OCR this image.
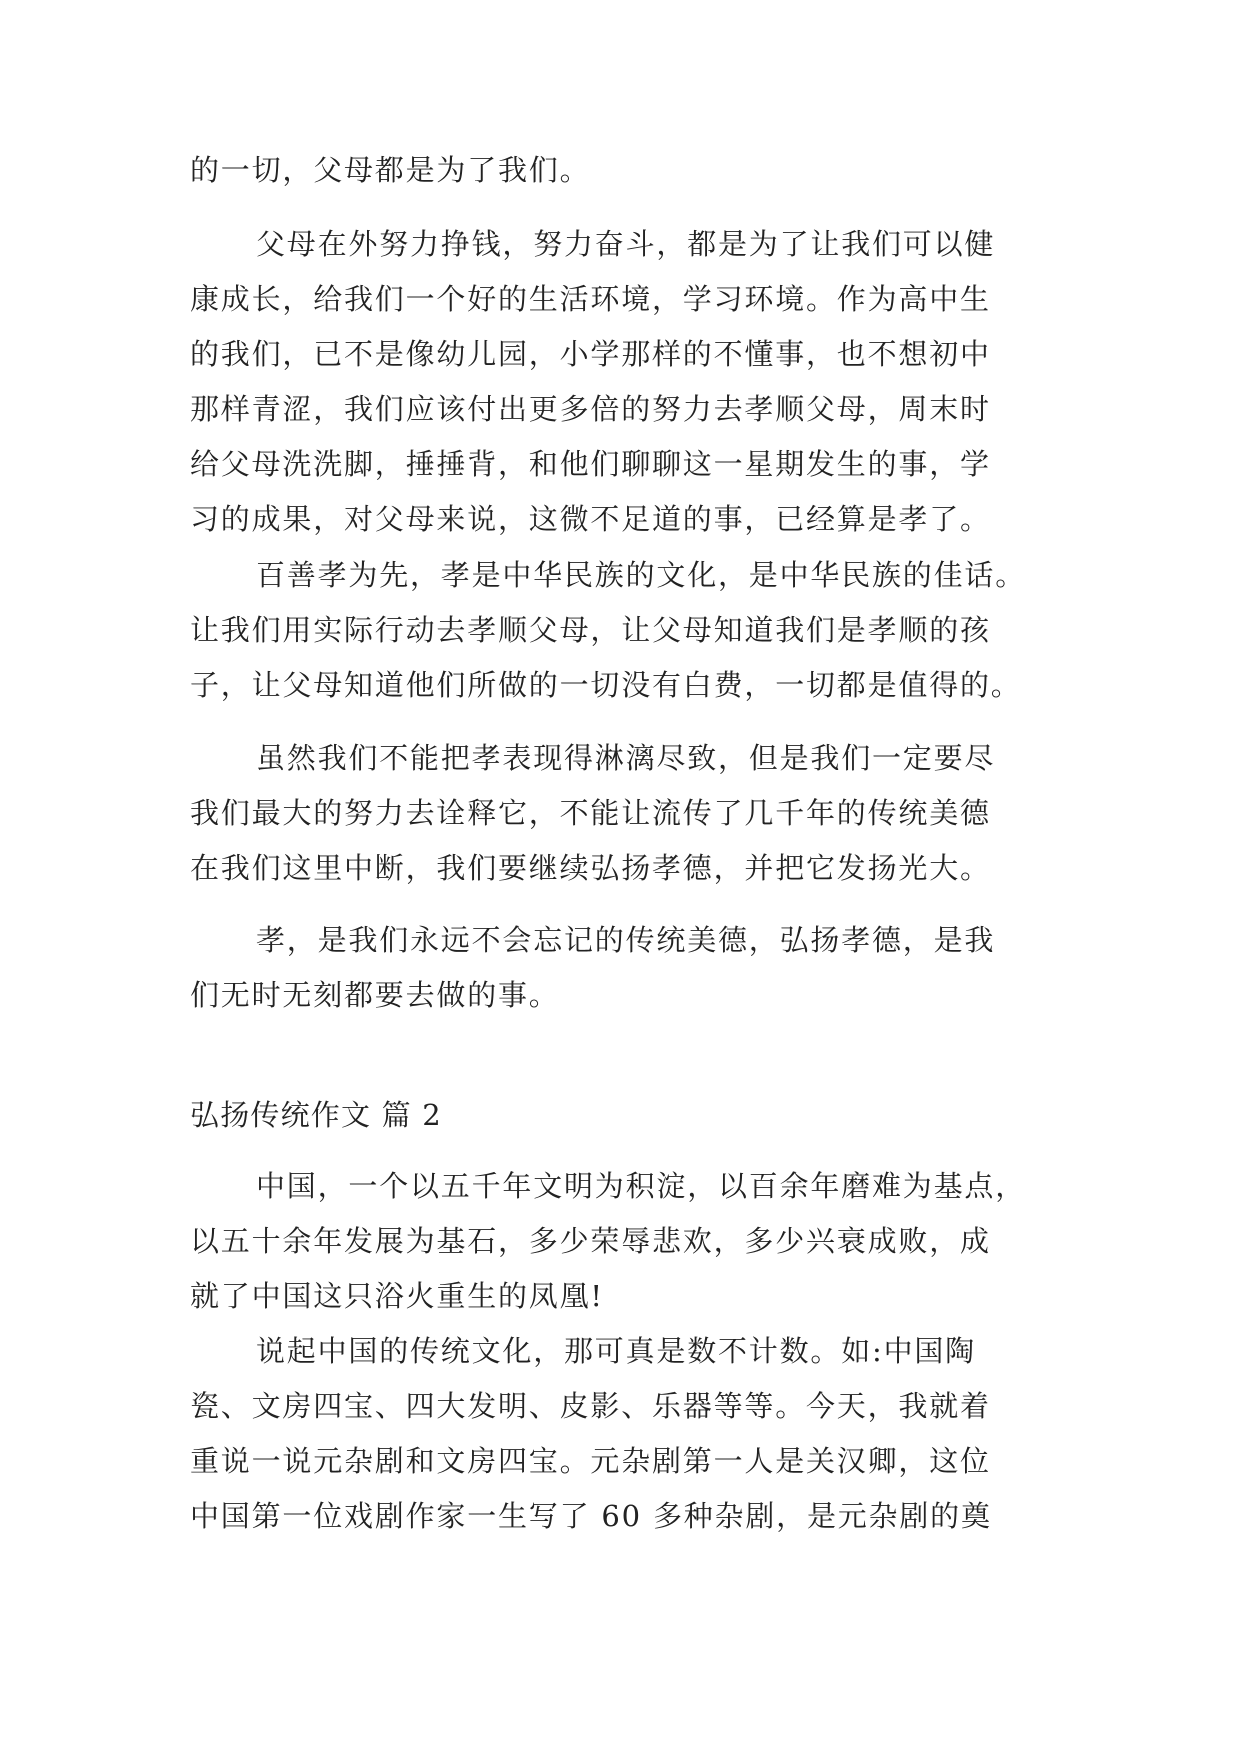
的一切，父母都是为了我们。
父母在外努力挣钱，努力奋斗，都是为了让我们可以健
康成长，给我们一个好的生活环境，学习环境。作为高中生
的我们，已不是像幼儿园，小学那样的不懂事，也不想初中
那样青涩，我们应该付出更多倍的努力去孝顺父母，周末时
给父母洗洗脚，捶捶背，和他们聊聊这一星期发生的事，学
习的成果，对父母来说，这微不足道的事，已经算是孝了。
百善孝为先，孝是中华民族的文化，是中华民族的佳话。
让我们用实际行动去孝顺父母，让父母知道我们是孝顺的孩
子，让父母知道他们所做的一切没有白费，一切都是值得的。
虽然我们不能把孝表现得淋漓尽致，但是我们一定要尽
我们最大的努力去诠释它，不能让流传了几千年的传统美德
在我们这里中断，我们要继续弘扬孝德，并把它发扬光大。
孝，是我们永远不会忘记的传统美德，弘扬孝德，是我
们无时无刻都要去做的事。
弘扬传统作文 篇 2
中国，一个以五千年文明为积淀，以百余年磨难为基点，
以五十余年发展为基石，多少荣辱悲欢，多少兴衰成败，成
就了中国这只浴火重生的凤凰!
说起中国的传统文化，那可真是数不计数。如:中国陶
瓷、文房四宝、四大发明、皮影、乐器等等。今天，我就着
重说一说元杂剧和文房四宝。元杂剧第一人是关汉卿，这位
中国第一位戏剧作家一生写了 60 多种杂剧，是元杂剧的奠
